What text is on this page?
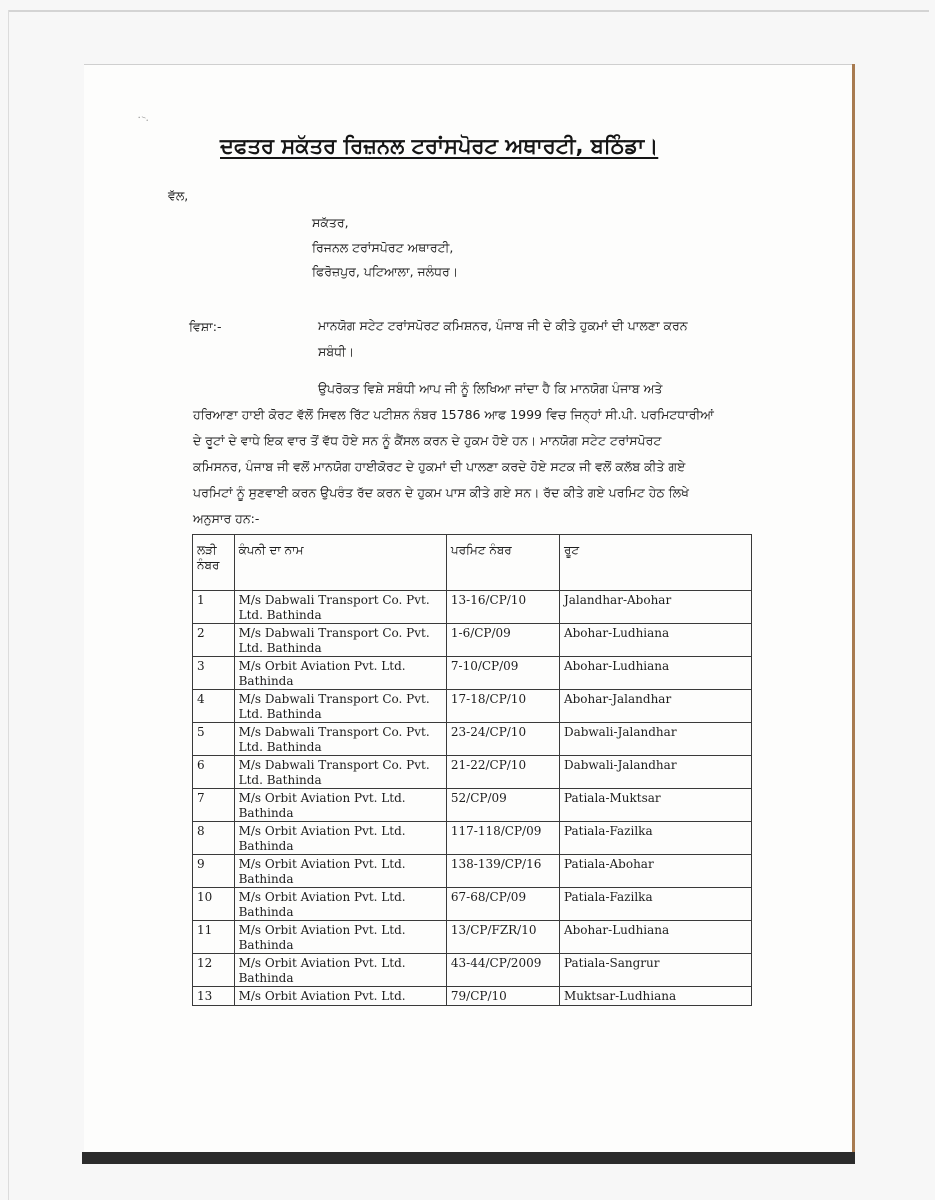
·⁻·
ਦਫਤਰ ਸਕੱਤਰ ਰਿਜ਼ਨਲ ਟਰਾਂਸਪੋਰਟ ਅਥਾਰਟੀ, ਬਠਿੰਡਾ।
ਵੱਲ,
ਸਕੱਤਰ,
ਰਿਜਨਲ ਟਰਾਂਸਪੋਰਟ ਅਥਾਰਟੀ,
ਫਿਰੋਜ਼ਪੁਰ, ਪਟਿਆਲਾ, ਜਲੰਧਰ।
ਵਿਸ਼ਾ:-	ਮਾਨਯੋਗ ਸਟੇਟ ਟਰਾਂਸਪੋਰਟ ਕਮਿਸ਼ਨਰ, ਪੰਜਾਬ ਜੀ ਦੇ ਕੀਤੇ ਹੁਕਮਾਂ ਦੀ ਪਾਲਣਾ ਕਰਨ
ਸਬੰਧੀ।
ਉਪਰੋਕਤ ਵਿਸ਼ੇ ਸਬੰਧੀ ਆਪ ਜੀ ਨੂੰ ਲਿਖਿਆ ਜਾਂਦਾ ਹੈ ਕਿ ਮਾਨਯੋਗ ਪੰਜਾਬ ਅਤੇ
ਹਰਿਆਣਾ ਹਾਈ ਕੋਰਟ ਵੱਲੋਂ ਸਿਵਲ ਰਿੱਟ ਪਟੀਸ਼ਨ ਨੰਬਰ 15786 ਆਫ 1999 ਵਿਚ ਜਿਨ੍ਹਾਂ ਸੀ.ਪੀ. ਪਰਮਿਟਧਾਰੀਆਂ
ਦੇ ਰੂਟਾਂ ਦੇ ਵਾਧੇ ਇਕ ਵਾਰ ਤੋਂ ਵੱਧ ਹੋਏ ਸਨ ਨੂੰ ਕੈਂਸਲ ਕਰਨ ਦੇ ਹੁਕਮ ਹੋਏ ਹਨ। ਮਾਨਯੋਗ ਸਟੇਟ ਟਰਾਂਸਪੋਰਟ
ਕਮਿਸਨਰ, ਪੰਜਾਬ ਜੀ ਵਲੋਂ ਮਾਨਯੋਗ ਹਾਈਕੋਰਟ ਦੇ ਹੁਕਮਾਂ ਦੀ ਪਾਲਣਾ ਕਰਦੇ ਹੋਏ ਸਟਕ ਜੀ ਵਲੋਂ ਕਲੱਬ ਕੀਤੇ ਗਏ
ਪਰਮਿਟਾਂ ਨੂੰ ਸੁਣਵਾਈ ਕਰਨ ਉਪਰੰਤ ਰੱਦ ਕਰਨ ਦੇ ਹੁਕਮ ਪਾਸ ਕੀਤੇ ਗਏ ਸਨ। ਰੱਦ ਕੀਤੇ ਗਏ ਪਰਮਿਟ ਹੇਠ ਲਿਖੇ
ਅਨੁਸਾਰ ਹਨ:-
ਲੜੀ ਨੰਬਰ	ਕੰਪਨੀ ਦਾ ਨਾਮ	ਪਰਮਿਟ ਨੰਬਰ	ਰੂਟ
1	M/s Dabwali Transport Co. Pvt. Ltd. Bathinda	13-16/CP/10	Jalandhar-Abohar
2	M/s Dabwali Transport Co. Pvt. Ltd. Bathinda	1-6/CP/09	Abohar-Ludhiana
3	M/s Orbit Aviation Pvt. Ltd. Bathinda	7-10/CP/09	Abohar-Ludhiana
4	M/s Dabwali Transport Co. Pvt. Ltd. Bathinda	17-18/CP/10	Abohar-Jalandhar
5	M/s Dabwali Transport Co. Pvt. Ltd. Bathinda	23-24/CP/10	Dabwali-Jalandhar
6	M/s Dabwali Transport Co. Pvt. Ltd. Bathinda	21-22/CP/10	Dabwali-Jalandhar
7	M/s Orbit Aviation Pvt. Ltd. Bathinda	52/CP/09	Patiala-Muktsar
8	M/s Orbit Aviation Pvt. Ltd. Bathinda	117-118/CP/09	Patiala-Fazilka
9	M/s Orbit Aviation Pvt. Ltd. Bathinda	138-139/CP/16	Patiala-Abohar
10	M/s Orbit Aviation Pvt. Ltd. Bathinda	67-68/CP/09	Patiala-Fazilka
11	M/s Orbit Aviation Pvt. Ltd. Bathinda	13/CP/FZR/10	Abohar-Ludhiana
12	M/s Orbit Aviation Pvt. Ltd. Bathinda	43-44/CP/2009	Patiala-Sangrur
13	M/s Orbit Aviation Pvt. Ltd.	79/CP/10	Muktsar-Ludhiana
